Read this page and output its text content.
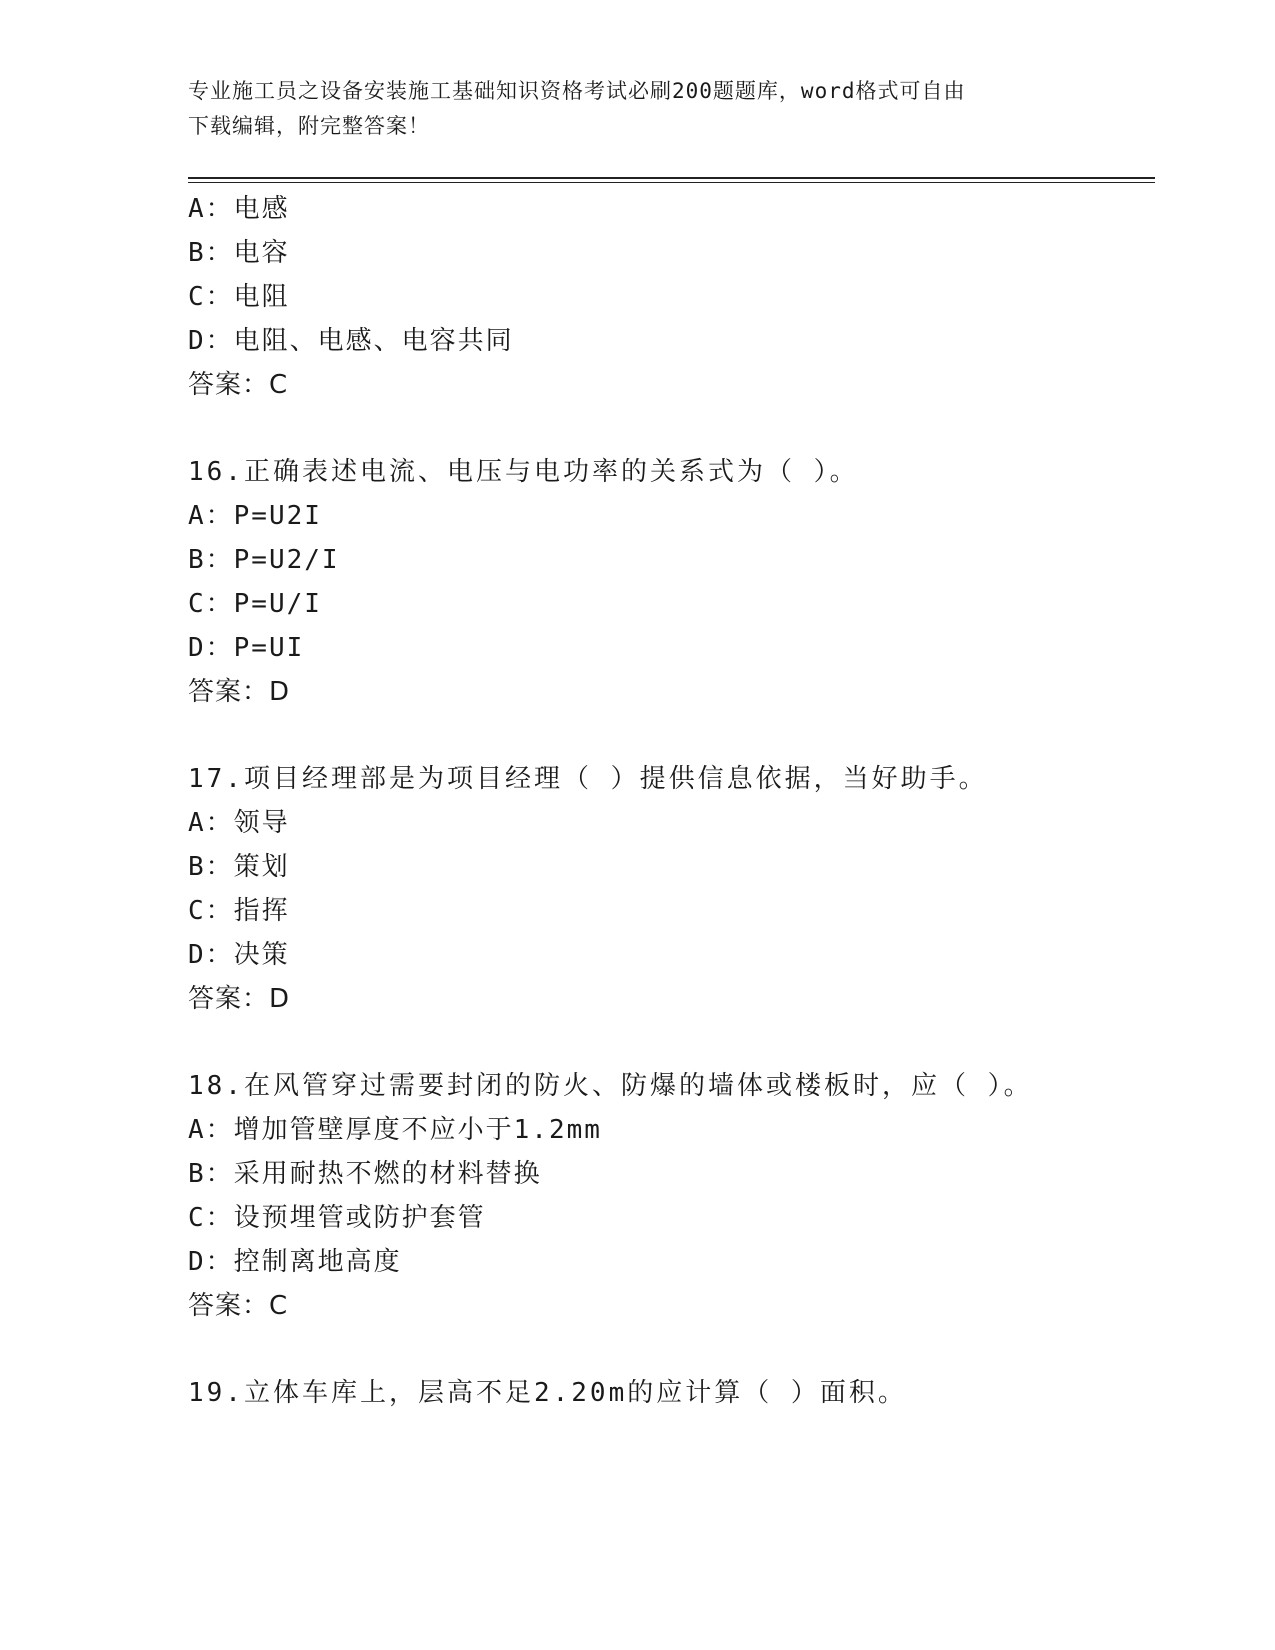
专业施工员之设备安装施工基础知识资格考试必刷200题题库，word格式可自由
下载编辑，附完整答案！
A：电感
B：电容
C：电阻
D：电阻、电感、电容共同
答案：C
16.正确表述电流、电压与电功率的关系式为（ ）。
A：P=U2I
B：P=U2/I
C：P=U/I
D：P=UI
答案：D
17.项目经理部是为项目经理（ ）提供信息依据，当好助手。
A：领导
B：策划
C：指挥
D：决策
答案：D
18.在风管穿过需要封闭的防火、防爆的墙体或楼板时，应（ ）。
A：增加管壁厚度不应小于1.2mm
B：采用耐热不燃的材料替换
C：设预埋管或防护套管
D：控制离地高度
答案：C
19.立体车库上，层高不足2.20m的应计算（ ）面积。
